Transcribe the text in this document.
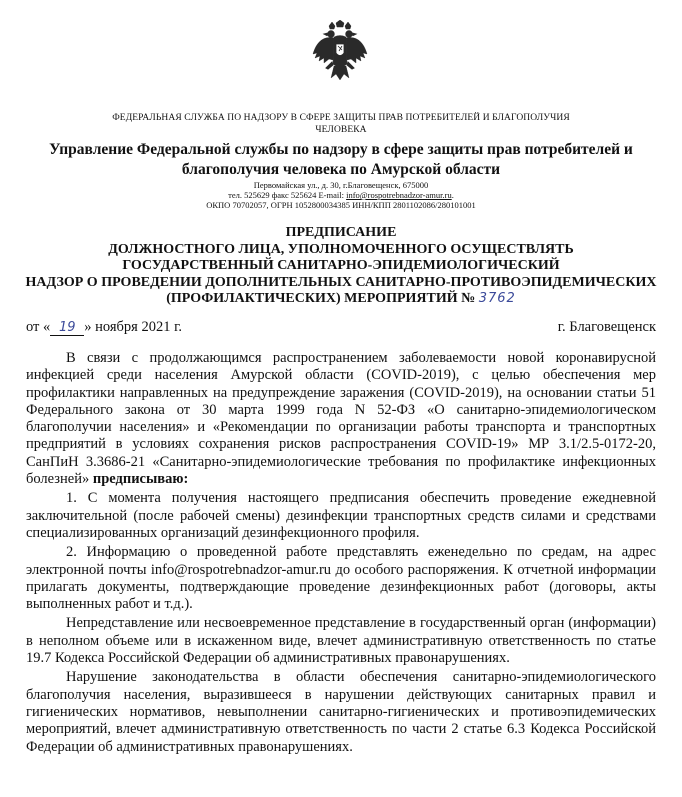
ФЕДЕРАЛЬНАЯ СЛУЖБА ПО НАДЗОРУ В СФЕРЕ ЗАЩИТЫ ПРАВ ПОТРЕБИТЕЛЕЙ И БЛАГОПОЛУЧИЯ
ЧЕЛОВЕКА
Управление Федеральной службы по надзору в сфере защиты прав потребителей и
благополучия человека по Амурской области
Первомайская ул., д. 30, г.Благовещенск, 675000
тел. 525629 факс 525624 E-mail: info@rospotrebnadzor-amur.ru.
ОКПО 70702057, ОГРН 1052800034385 ИНН/КПП 2801102086/280101001
ПРЕДПИСАНИЕ
ДОЛЖНОСТНОГО ЛИЦА, УПОЛНОМОЧЕННОГО ОСУЩЕСТВЛЯТЬ
ГОСУДАРСТВЕННЫЙ САНИТАРНО-ЭПИДЕМИОЛОГИЧЕСКИЙ
НАДЗОР О ПРОВЕДЕНИИ ДОПОЛНИТЕЛЬНЫХ САНИТАРНО-ПРОТИВОЭПИДЕМИЧЕСКИХ
(ПРОФИЛАКТИЧЕСКИХ) МЕРОПРИЯТИЙ № 3762
от « 19 » ноября 2021 г.	г. Благовещенск

В связи с продолжающимся распространением заболеваемости новой коронавирусной инфекцией среди населения Амурской области (COVID-2019), с целью обеспечения мер профилактики направленных на предупреждение заражения (COVID-2019), на основании статьи 51 Федерального закона от 30 марта 1999 года N 52-ФЗ «О санитарно-эпидемиологическом благополучии населения» и «Рекомендации по организации работы транспорта и транспортных предприятий в условиях сохранения рисков распространения COVID-19» МР 3.1/2.5-0172-20, СанПиН 3.3686-21 «Санитарно-эпидемиологические требования по профилактике инфекционных болезней» предписываю:

1. С момента получения настоящего предписания обеспечить проведение ежедневной заключительной (после рабочей смены) дезинфекции транспортных средств силами и средствами специализированных организаций дезинфекционного профиля.

2. Информацию о проведенной работе представлять еженедельно по средам, на адрес электронной почты info@rospotrebnadzor-amur.ru до особого распоряжения. К отчетной информации прилагать документы, подтверждающие проведение дезинфекционных работ (договоры, акты выполненных работ и т.д.).

Непредставление или несвоевременное представление в государственный орган (информации) в неполном объеме или в искаженном виде, влечет административную ответственность по статье 19.7 Кодекса Российской Федерации об административных правонарушениях.

Нарушение законодательства в области обеспечения санитарно-эпидемиологического благополучия населения, выразившееся в нарушении действующих санитарных правил и гигиенических нормативов, невыполнении санитарно-гигиенических и противоэпидемических мероприятий, влечет административную ответственность по части 2 статье 6.3 Кодекса Российской Федерации об административных правонарушениях.
